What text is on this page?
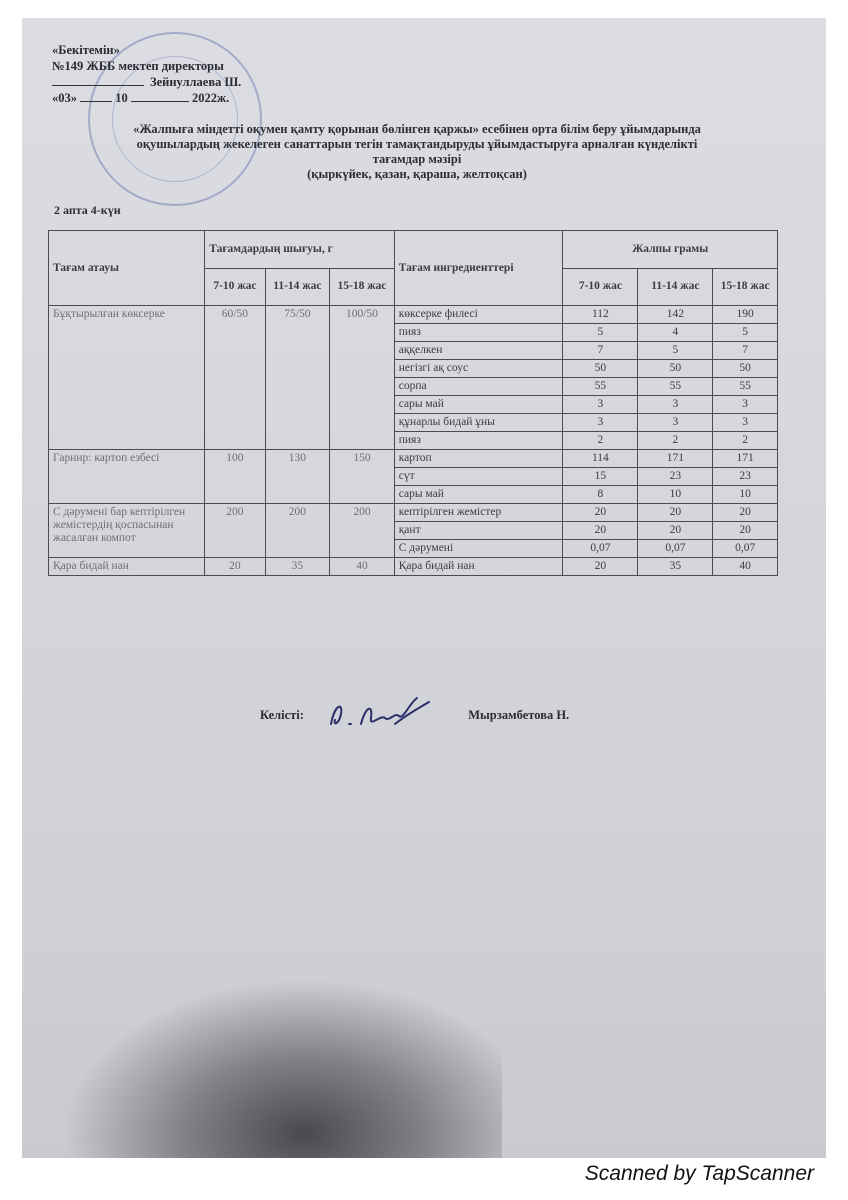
«Бекітемін»
№149 ЖББ мектеп директоры
Зейнуллаева Ш.
«03»	10	2022ж.
«Жалпыға міндетті оқумен қамту қорынан бөлінген қаржы» есебінен орта білім беру ұйымдарында
оқушылардың жекелеген санаттарын тегін тамақтандыруды ұйымдастыруға арналған күнделікті
тағамдар мәзірі
(қыркүйек, қазан, қараша, желтоқсан)
2 апта 4-күн
Тағам атауы	Тағамдардың шығуы, г			Тағам ингредиенттері	Жалпы грамы		
	7-10 жас	11-14 жас	15-18 жас		7-10 жас	11-14 жас	15-18 жас
Бұқтырылған көксерке	60/50	75/50	100/50	көксерке филесі	112	142	190
				пияз	5	4	5
				аққелкен	7	5	7
				негізгі ақ соус	50	50	50
				сорпа	55	55	55
				сары май	3	3	3
				құнарлы бидай ұны	3	3	3
				пияз	2	2	2
Гарнир: картоп езбесі	100	130	150	картоп	114	171	171
				сүт	15	23	23
				сары май	8	10	10
С дәрумені бар кептірілген жемістердің қоспасынан жасалған компот	200	200	200	кептірілген жемістер	20	20	20
				қант	20	20	20
				С дәрумені	0,07	0,07	0,07
Қара бидай нан	20	35	40	Қара бидай нан	20	35	40
Келісті:	Мырзамбетова Н.
Scanned by TapScanner
